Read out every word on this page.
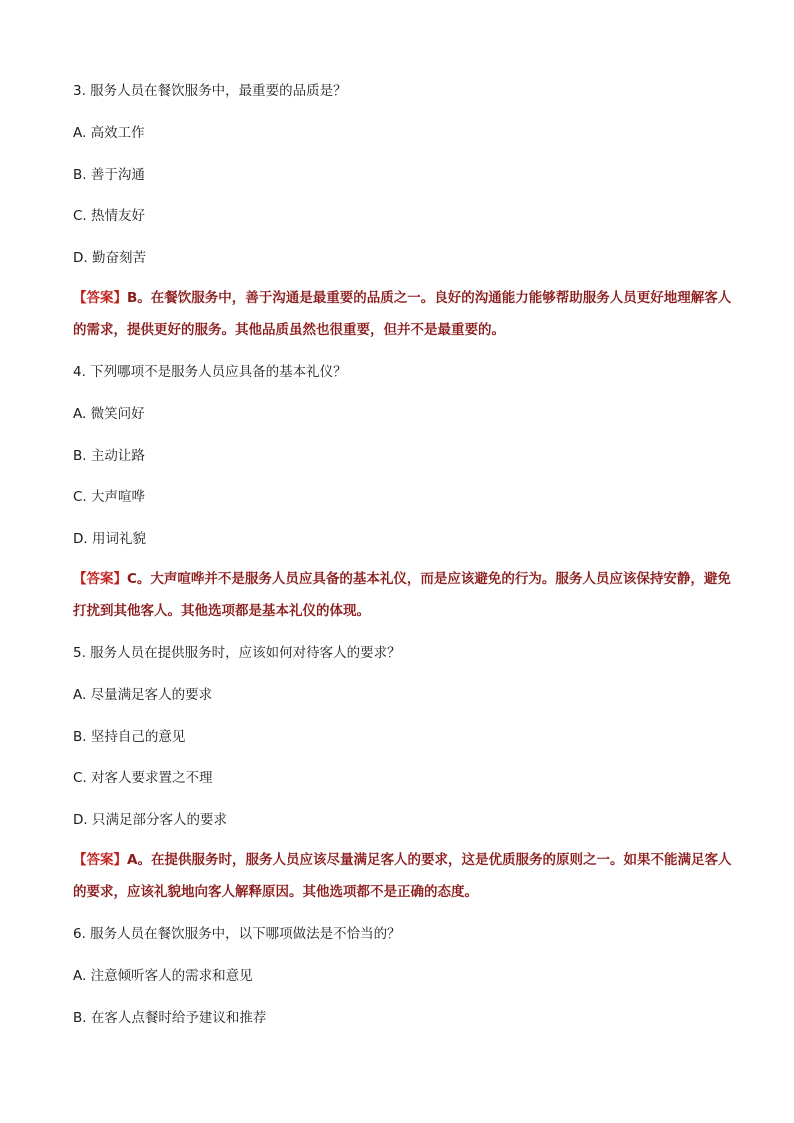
3. 服务人员在餐饮服务中，最重要的品质是？
A. 高效工作
B. 善于沟通
C. 热情友好
D. 勤奋刻苦
【答案】B。在餐饮服务中，善于沟通是最重要的品质之一。良好的沟通能力能够帮助服务人员更好地理解客人的需求，提供更好的服务。其他品质虽然也很重要，但并不是最重要的。
4. 下列哪项不是服务人员应具备的基本礼仪？
A. 微笑问好
B. 主动让路
C. 大声喧哗
D. 用词礼貌
【答案】C。大声喧哗并不是服务人员应具备的基本礼仪，而是应该避免的行为。服务人员应该保持安静，避免打扰到其他客人。其他选项都是基本礼仪的体现。
5. 服务人员在提供服务时，应该如何对待客人的要求？
A. 尽量满足客人的要求
B. 坚持自己的意见
C. 对客人要求置之不理
D. 只满足部分客人的要求
【答案】A。在提供服务时，服务人员应该尽量满足客人的要求，这是优质服务的原则之一。如果不能满足客人的要求，应该礼貌地向客人解释原因。其他选项都不是正确的态度。
6. 服务人员在餐饮服务中，以下哪项做法是不恰当的？
A. 注意倾听客人的需求和意见
B. 在客人点餐时给予建议和推荐
